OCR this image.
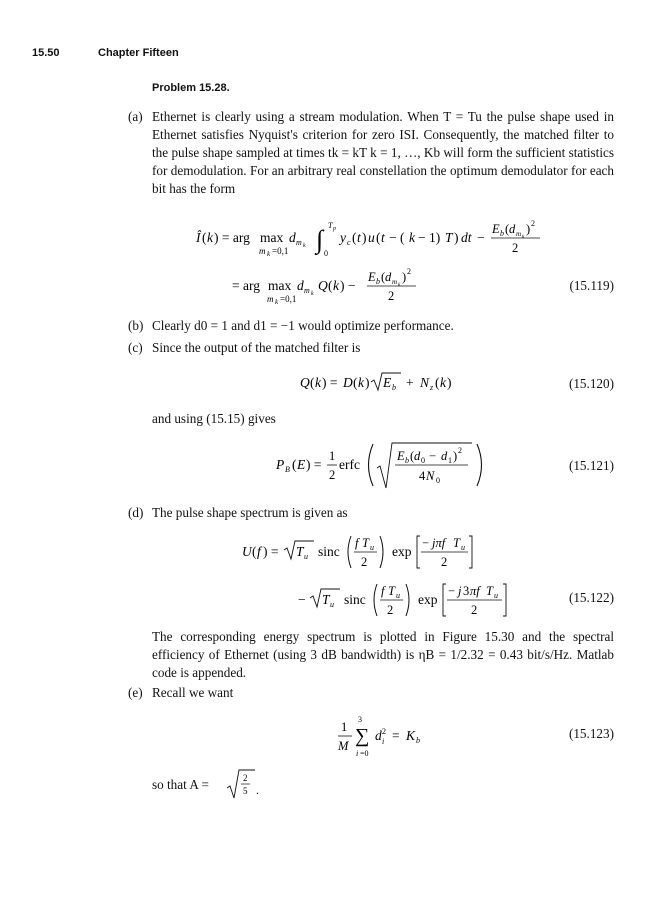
15.50	Chapter Fifteen
Problem 15.28.
(a) Ethernet is clearly using a stream modulation. When T = Tu the pulse shape used in Ethernet satisfies Nyquist's criterion for zero ISI. Consequently, the matched filter to the pulse shape sampled at times tk = kT k = 1, …, Kb will form the sufficient statistics for demodulation. For an arbitrary real constellation the optimum demodulator for each bit has the form
Î ( k ) = arg max
m k =0,1
d m k ∫ T p
0
y c ( t ) u ( t − ( k − 1) T ) dt −
E b ( d m k
) 2
2
= arg max
m k =0,1
d m k
Q ( k ) −
E b ( d m k
) 2
2
(15.119)
(b) Clearly d0 = 1 and d1 = −1 would optimize performance.
(c) Since the output of the matched filter is
Q ( k ) = D ( k ) E b + N z ( k )	(15.120)
and using (15.15) gives
P B ( E ) =
1
2
erfc
E b ( d 0 − d 1 ) 2
4 N 0
(15.121)
(d) The pulse shape spectrum is given as
U ( f ) = T u sinc
f T u
2
exp
− jπf T u
2
− T u sinc
f T u
2
exp
− j 3 πf T u
2
(15.122)
The corresponding energy spectrum is plotted in Figure 15.30 and the spectral efficiency of Ethernet (using 3 dB bandwidth) is ηB = 1/2.32 = 0.43 bit/s/Hz. Matlab code is appended.
(e) Recall we want
1
M
3
∑
i =0
d 2
i = K b	(15.123)
so that A =	2
5 .
